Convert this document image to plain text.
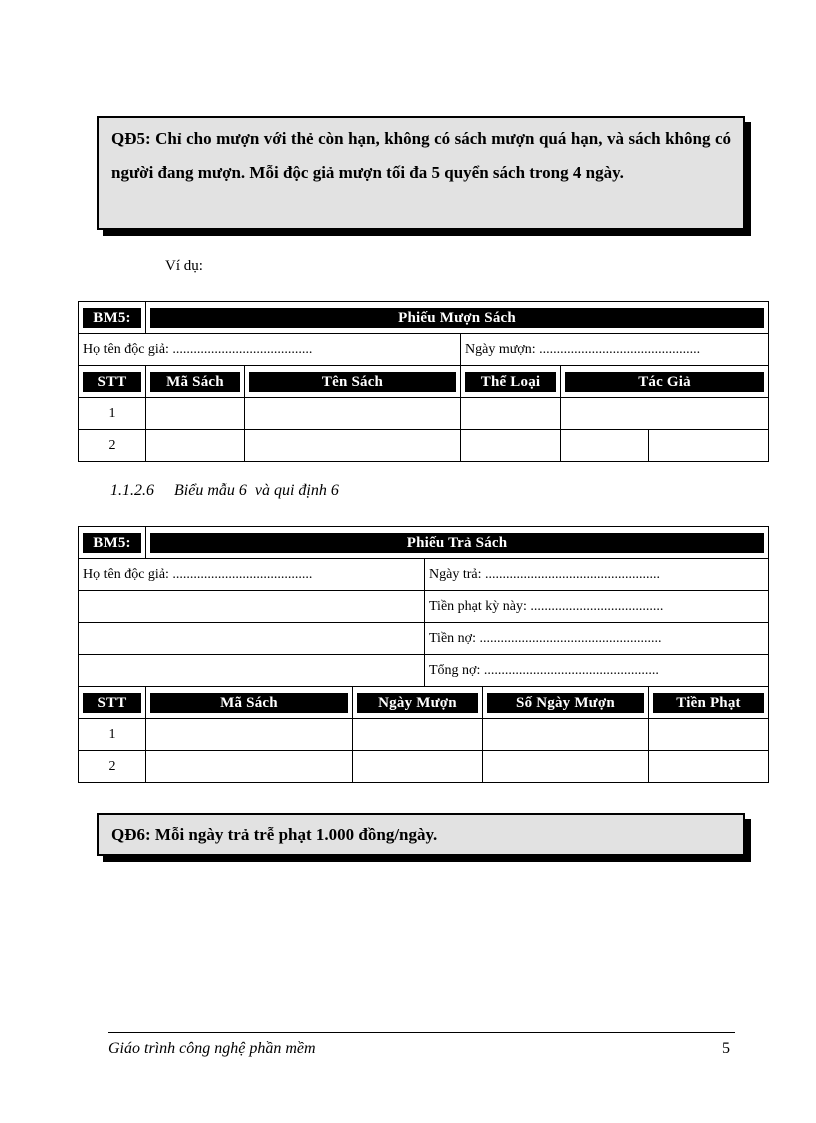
QĐ5: Chỉ cho mượn với thẻ còn hạn, không có sách mượn quá hạn, và sách không có người đang mượn. Mỗi độc giả mượn tối đa 5 quyển sách trong 4 ngày.
Ví dụ:
BM5:	Phiếu Mượn Sách				

Họ tên độc giả: ........................................			Ngày mượn: ..............................................		

STT	Mã Sách	Tên Sách	Thể Loại	Tác Giả	

1					
2					
1.1.2.6     Biểu mẫu 6  và qui định 6
BM5:	Phiếu Trả Sách				

Họ tên độc giả: ........................................			Ngày trả: ..................................................		
			Tiền phạt kỳ này: ......................................		
			Tiền nợ: ....................................................		
			Tổng nợ: ..................................................		

STT	Mã Sách	Ngày Mượn		Số Ngày Mượn	Tiền Phạt

1					
2					
QĐ6: Mỗi ngày trả trễ phạt 1.000 đồng/ngày.
Giáo trình công nghệ phần mềm	5
